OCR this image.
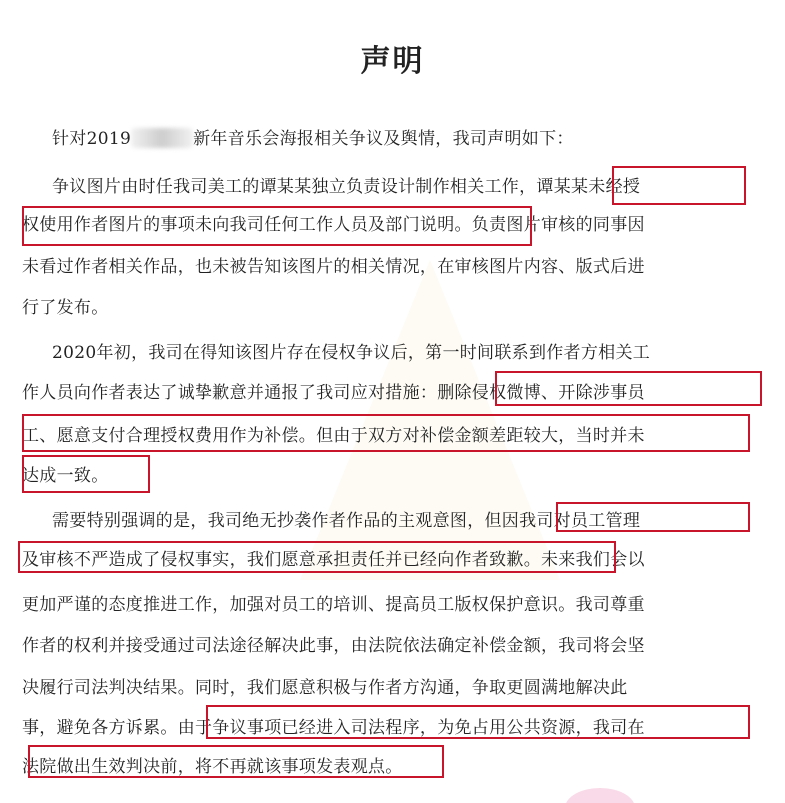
声明
针对2019	新年音乐会海报相关争议及舆情，我司声明如下：
争议图片由时任我司美工的谭某某独立负责设计制作相关工作，谭某某未经授
权使用作者图片的事项未向我司任何工作人员及部门说明。负责图片审核的同事因
未看过作者相关作品，也未被告知该图片的相关情况，在审核图片内容、版式后进
行了发布。
2020年初，我司在得知该图片存在侵权争议后，第一时间联系到作者方相关工
作人员向作者表达了诚挚歉意并通报了我司应对措施：删除侵权微博、开除涉事员
工、愿意支付合理授权费用作为补偿。但由于双方对补偿金额差距较大，当时并未
达成一致。
需要特别强调的是，我司绝无抄袭作者作品的主观意图，但因我司对员工管理
及审核不严造成了侵权事实，我们愿意承担责任并已经向作者致歉。未来我们会以
更加严谨的态度推进工作，加强对员工的培训、提高员工版权保护意识。我司尊重
作者的权利并接受通过司法途径解决此事，由法院依法确定补偿金额，我司将会坚
决履行司法判决结果。同时，我们愿意积极与作者方沟通，争取更圆满地解决此
事，避免各方诉累。由于争议事项已经进入司法程序，为免占用公共资源，我司在
法院做出生效判决前，将不再就该事项发表观点。
